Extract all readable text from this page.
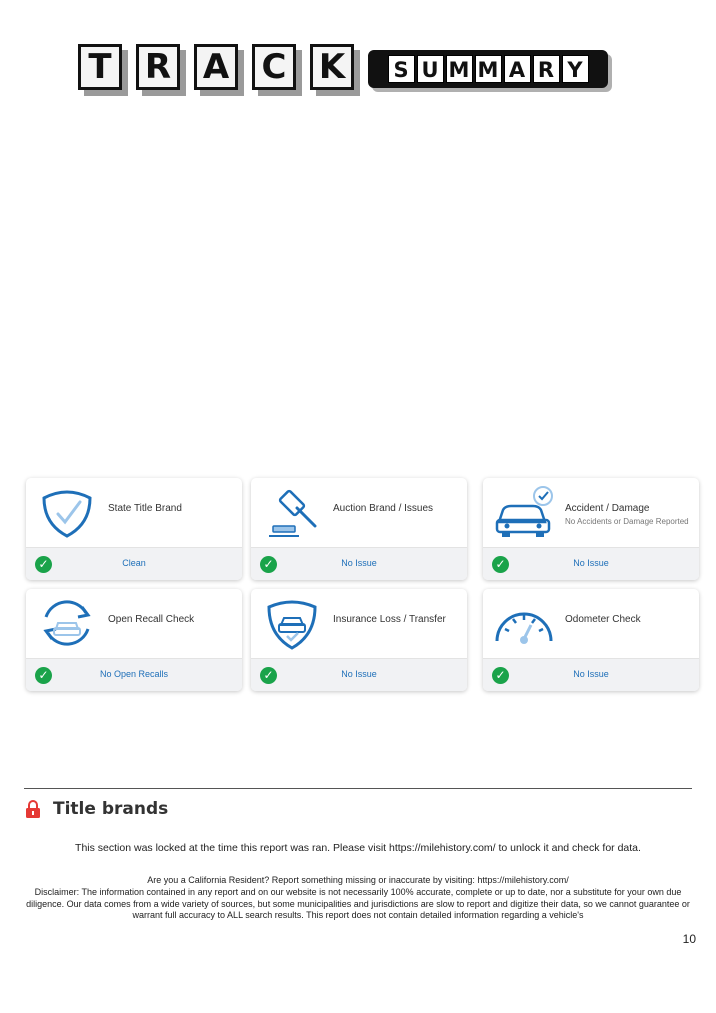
T R A C K	S U M M A R Y
State Title Brand
✓	Clean
Auction Brand / Issues
✓	No Issue
Accident / Damage
No Accidents or Damage Reported
✓	No Issue
Open Recall Check
✓	No Open Recalls
Insurance Loss / Transfer
✓	No Issue
Odometer Check
✓	No Issue
Title brands
This section was locked at the time this report was ran. Please visit https://milehistory.com/ to unlock it and check for data.
Are you a California Resident? Report something missing or inaccurate by visiting: https://milehistory.com/
Disclaimer: The information contained in any report and on our website is not necessarily 100% accurate, complete or up to date, nor a substitute for your own due diligence. Our data comes from a wide variety of sources, but some municipalities and jurisdictions are slow to report and digitize their data, so we cannot guarantee or warrant full accuracy to ALL search results. This report does not contain detailed information regarding a vehicle's
10
